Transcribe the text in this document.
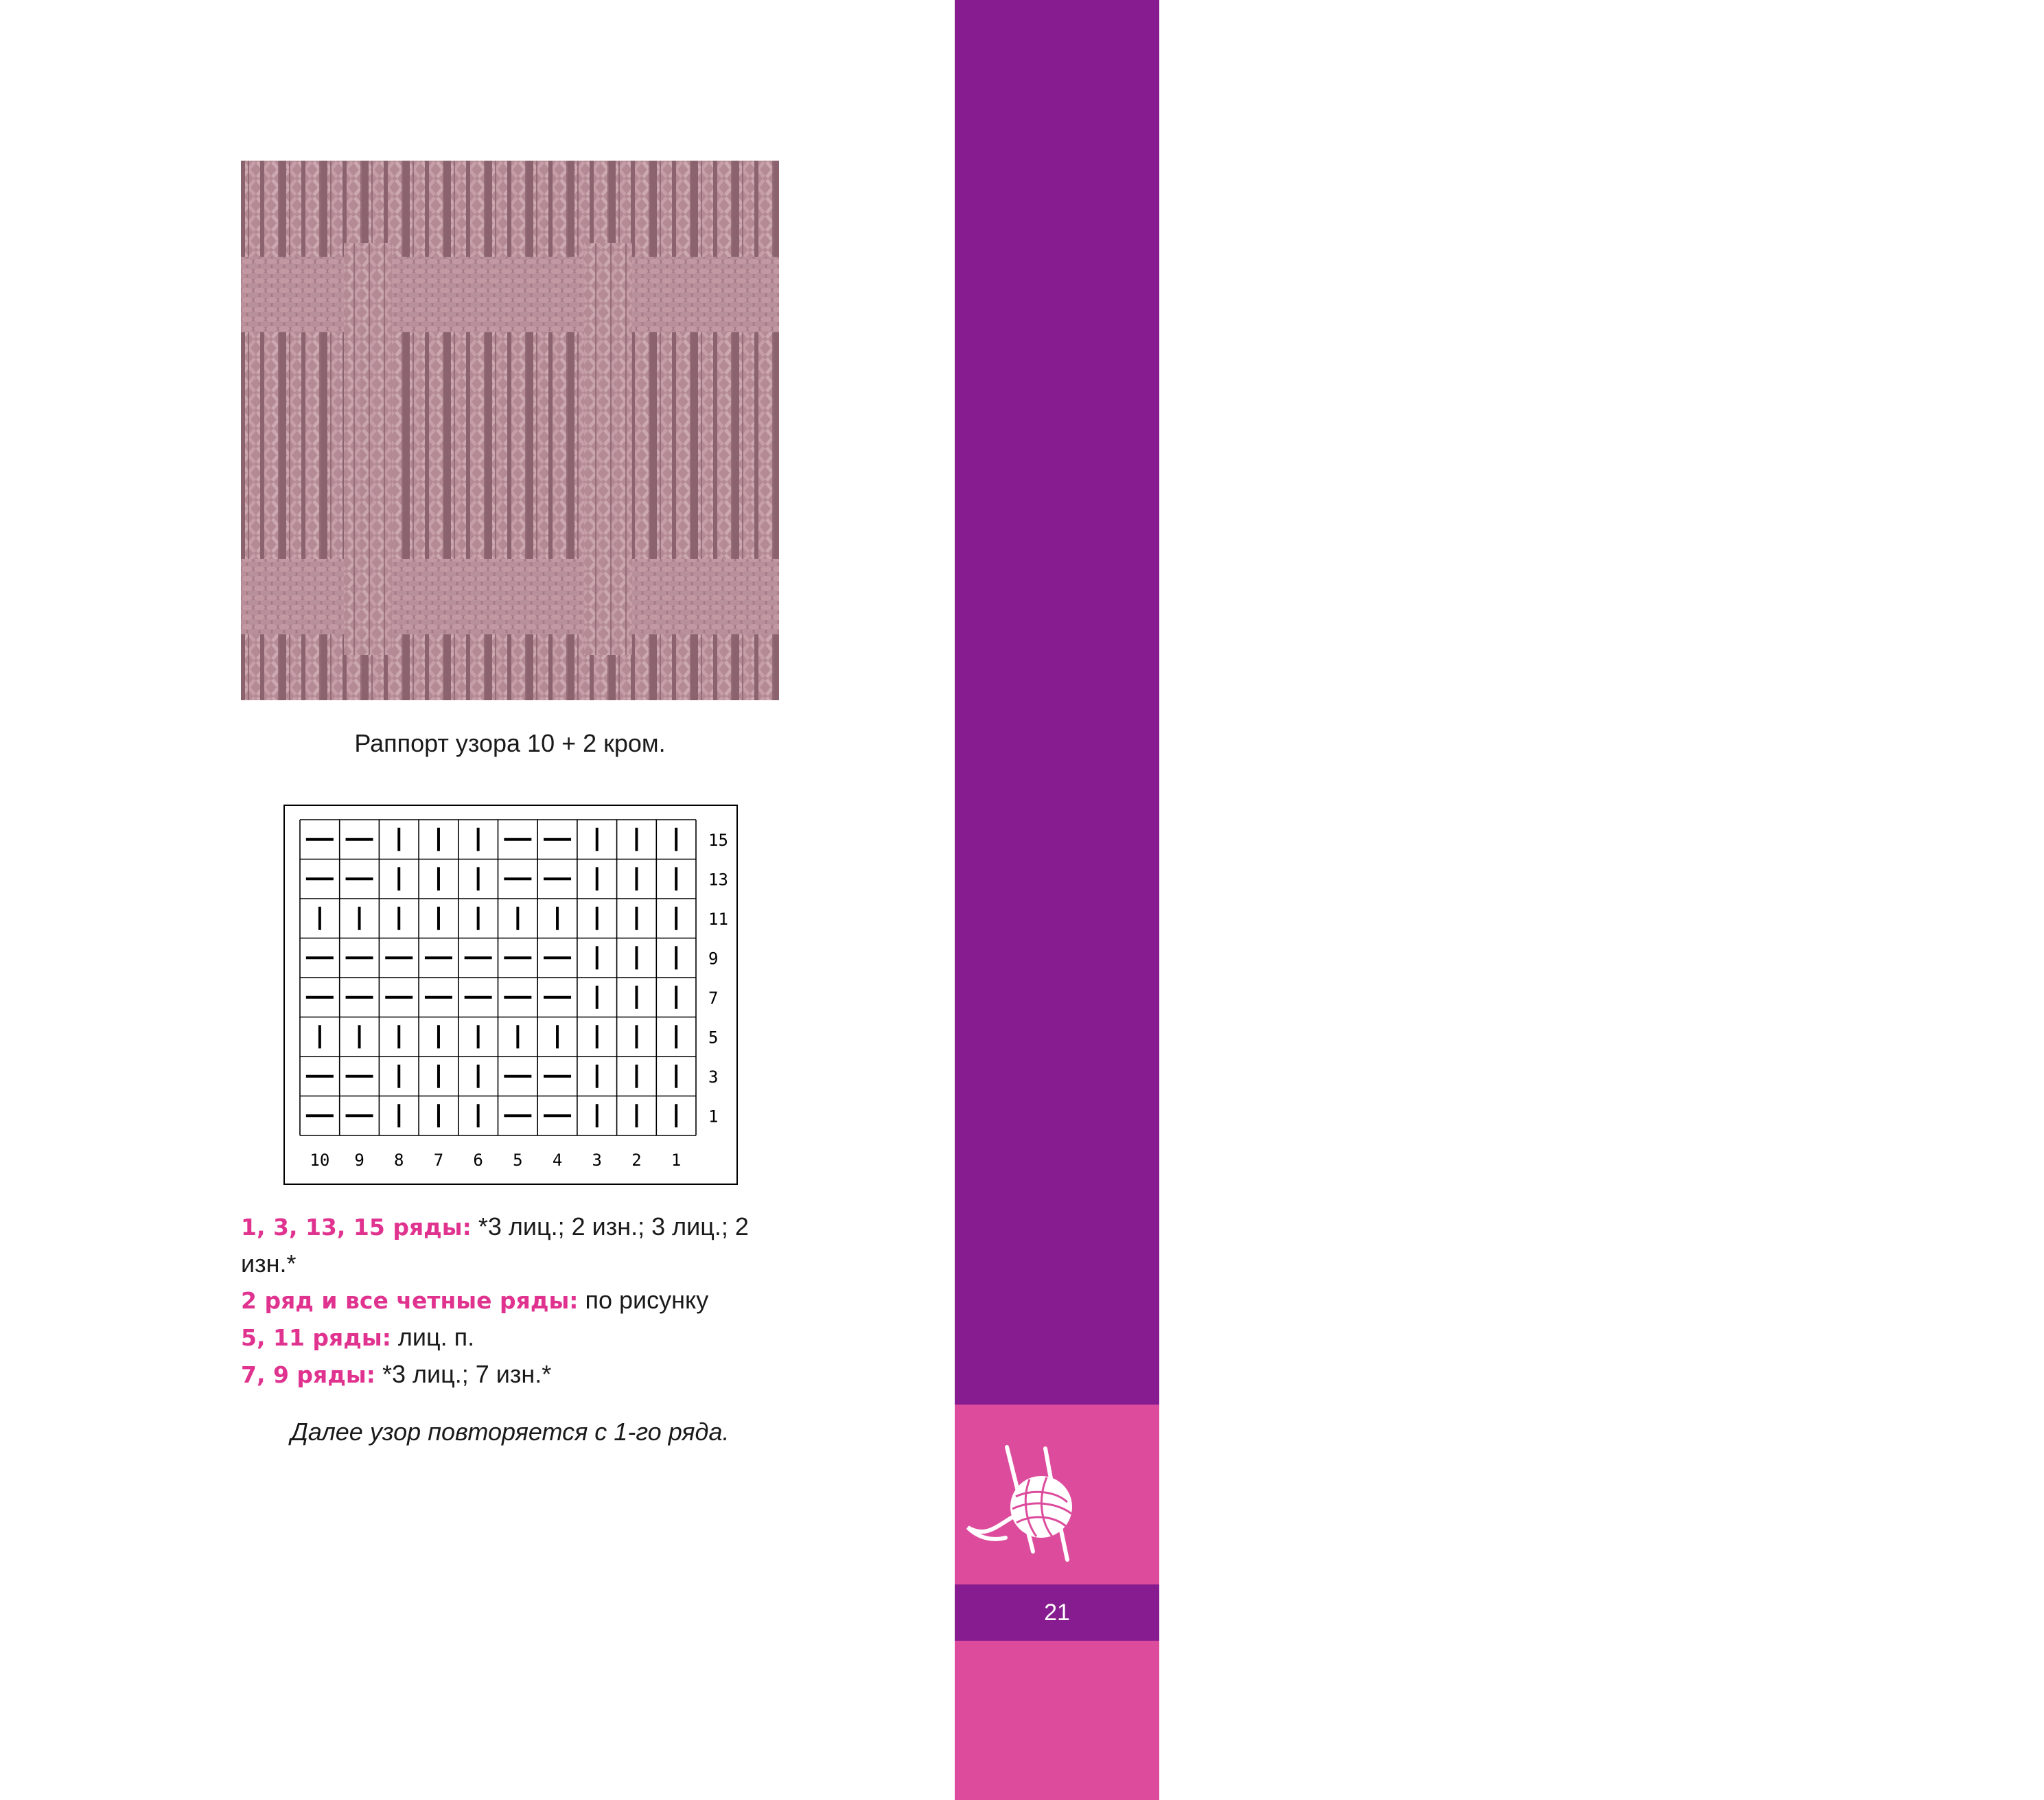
Раппорт узора 10 + 2 кром.
15
13
11
9
7
5
3
1
10 9 8 7 6 5 4 3 2 1

1, 3, 13, 15 ряды: *3 лиц.; 2 изн.; 3 лиц.; 2 изн.*

2 ряд и все четные ряды: по рисунку

5, 11 ряды: лиц. п.

7, 9 ряды: *3 лиц.; 7 изн.*

Далее узор повторяется с 1-го ряда.
Бочонок с медом
21
